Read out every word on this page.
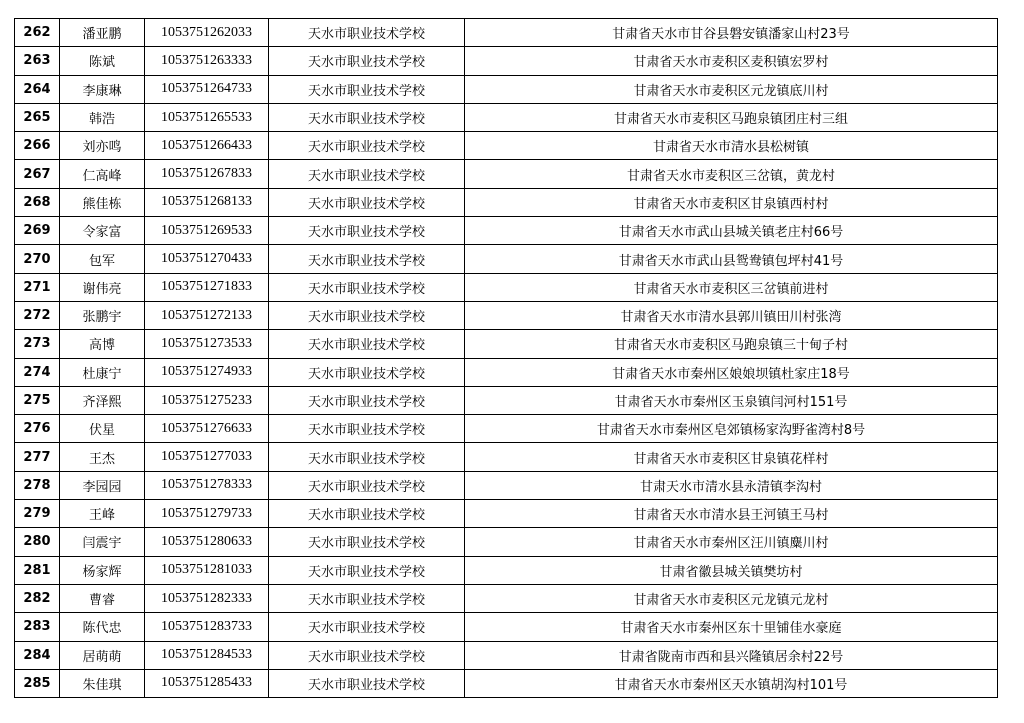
262	潘亚鹏	1053751262033	天水市职业技术学校	甘肃省天水市甘谷县磐安镇潘家山村23号
263	陈斌	1053751263333	天水市职业技术学校	甘肃省天水市麦积区麦积镇宏罗村
264	李康琳	1053751264733	天水市职业技术学校	甘肃省天水市麦积区元龙镇底川村
265	韩浩	1053751265533	天水市职业技术学校	甘肃省天水市麦积区马跑泉镇团庄村三组
266	刘亦鸣	1053751266433	天水市职业技术学校	甘肃省天水市清水县松树镇
267	仁高峰	1053751267833	天水市职业技术学校	甘肃省天水市麦积区三岔镇，黄龙村
268	熊佳栋	1053751268133	天水市职业技术学校	甘肃省天水市麦积区甘泉镇西村村
269	令家富	1053751269533	天水市职业技术学校	甘肃省天水市武山县城关镇老庄村66号
270	包军	1053751270433	天水市职业技术学校	甘肃省天水市武山县鸳鸯镇包坪村41号
271	谢伟亮	1053751271833	天水市职业技术学校	甘肃省天水市麦积区三岔镇前进村
272	张鹏宇	1053751272133	天水市职业技术学校	甘肃省天水市清水县郭川镇田川村张湾
273	高博	1053751273533	天水市职业技术学校	甘肃省天水市麦积区马跑泉镇三十甸子村
274	杜康宁	1053751274933	天水市职业技术学校	甘肃省天水市秦州区娘娘坝镇杜家庄18号
275	齐泽熙	1053751275233	天水市职业技术学校	甘肃省天水市秦州区玉泉镇闫河村151号
276	伏星	1053751276633	天水市职业技术学校	甘肃省天水市秦州区皂郊镇杨家沟野雀湾村8号
277	王杰	1053751277033	天水市职业技术学校	甘肃省天水市麦积区甘泉镇花样村
278	李园园	1053751278333	天水市职业技术学校	甘肃天水市清水县永清镇李沟村
279	王峰	1053751279733	天水市职业技术学校	甘肃省天水市清水县王河镇王马村
280	闫震宇	1053751280633	天水市职业技术学校	甘肃省天水市秦州区汪川镇麋川村
281	杨家辉	1053751281033	天水市职业技术学校	甘肃省徽县城关镇樊坊村
282	曹睿	1053751282333	天水市职业技术学校	甘肃省天水市麦积区元龙镇元龙村
283	陈代忠	1053751283733	天水市职业技术学校	甘肃省天水市秦州区东十里铺佳水豪庭
284	居萌萌	1053751284533	天水市职业技术学校	甘肃省陇南市西和县兴隆镇居余村22号
285	朱佳琪	1053751285433	天水市职业技术学校	甘肃省天水市秦州区天水镇胡沟村101号
